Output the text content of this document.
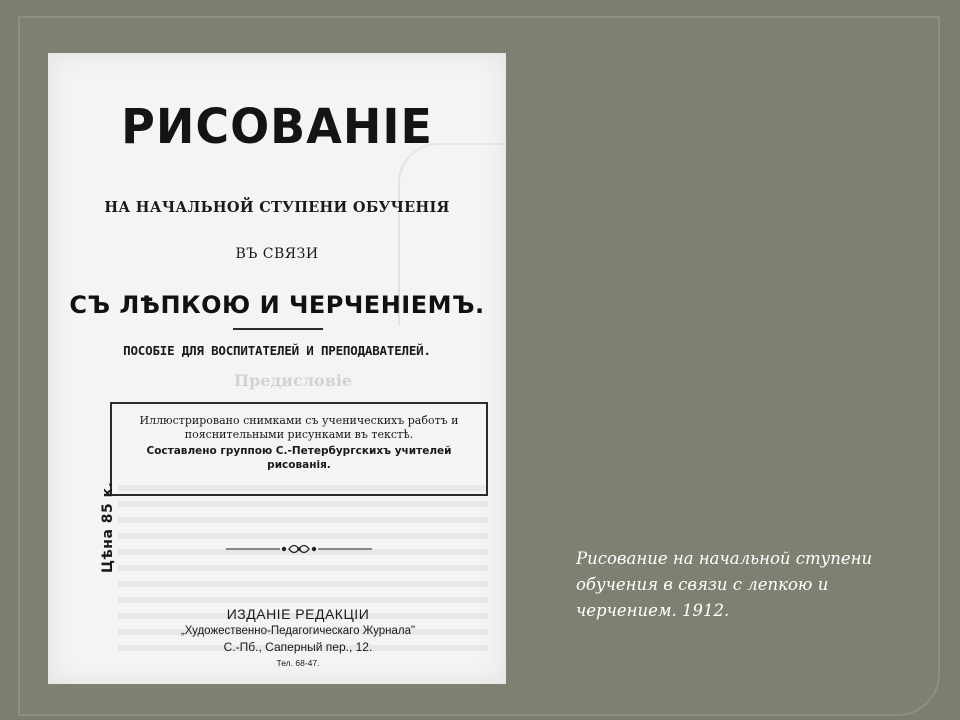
Предисловіе
РИСОВАНІЕ
НА НАЧАЛЬНОЙ СТУПЕНИ ОБУЧЕНІЯ
ВЪ СВЯЗИ
СЪ ЛѢПКОЮ И ЧЕРЧЕНІЕМЪ.
ПОСОБІЕ ДЛЯ ВОСПИТАТЕЛЕЙ И ПРЕПОДАВАТЕЛЕЙ.
Иллюстрировано снимками съ ученическихъ работъ и
пояснительными рисунками въ текстѣ.
Составлено группою С.-Петербургскихъ учителей рисованія.
Цѣна 85 к.
ИЗДАНІЕ РЕДАКЦІИ
„Художественно-Педагогическаго Журнала"
С.-Пб., Саперный пер., 12.
Тел. 68-47.
Рисование на начальной ступени обучения в связи с лепкою и черчением. 1912.
